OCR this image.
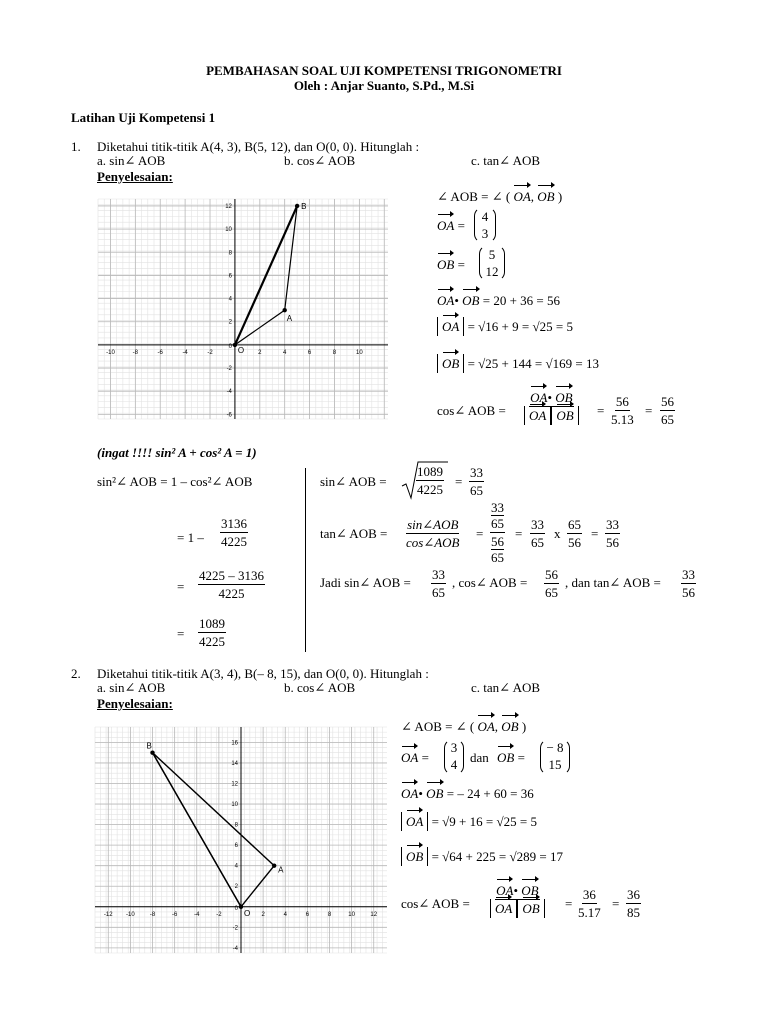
PEMBAHASAN SOAL UJI KOMPETENSI TRIGONOMETRI
Oleh : Anjar Suanto, S.Pd., M.Si
Latihan Uji Kompetensi 1
1. Diketahui titik-titik A(4, 3), B(5, 12), dan O(0, 0). Hitunglah :
a. sin∠ AOB	b. cos∠ AOB	c. tan∠ AOB
Penyelesaian:
-10	-8	-6	-4	-2	2	4	6	8	10
12
10
8
6
4
2
0
-2
-4
-6
B
A
O
∠ AOB = ∠ ( OA, OB )
OA =
4
3
OB =
5
12
OA• OB = 20 + 36 = 56
OA = √16 + 9 = √25 = 5
OB = √25 + 144 = √169 = 13
cos∠ AOB =
OA• OB
OA OB	= $\frac{56}{5.13} = \frac{56}{65}$
(ingat !!!! sin² A + cos² A = 1)
sin²∠ AOB = 1 – cos²∠ AOB
= $1 - \frac{3136}{4225}$
= $\frac{4225 - 3136}{4225}$
= $\frac{1089}{4225}$
sin∠ AOB = $\frac{1089}{4225} = \frac{33}{65}$
tan∠ AOB =
sin∠AOB
cos∠AOB
= 33
65
56
$65 = \frac{33}{65}$ x $\frac{65}{56} = \frac{33}{56}$
Jadi sin∠ AOB = $\frac{33}{65}$ , cos∠ AOB = $\frac{56}{65}$ , dan tan∠ AOB = $\frac{33}{56}$
2. Diketahui titik-titik A(3, 4), B(– 8, 15), dan O(0, 0). Hitunglah :
a. sin∠ AOB	b. cos∠ AOB	c. tan∠ AOB
Penyelesaian:
-12 -10	-8	-6	-4	-2	2	4	6	8	10	12
16
14
12
10
8
6
4
2
0
-2
-4
B
A
O
∠ AOB = ∠ ( OA, OB )
OA =
3
4 dan OB =
− 8
15
OA• OB = – 24 + 60 = 36
OA = √9 + 16 = √25 = 5
OB = √64 + 225 = √289 = 17
cos∠ AOB =
OA• OB
OA OB	= $\frac{36}{5.17} = \frac{36}{85}$
